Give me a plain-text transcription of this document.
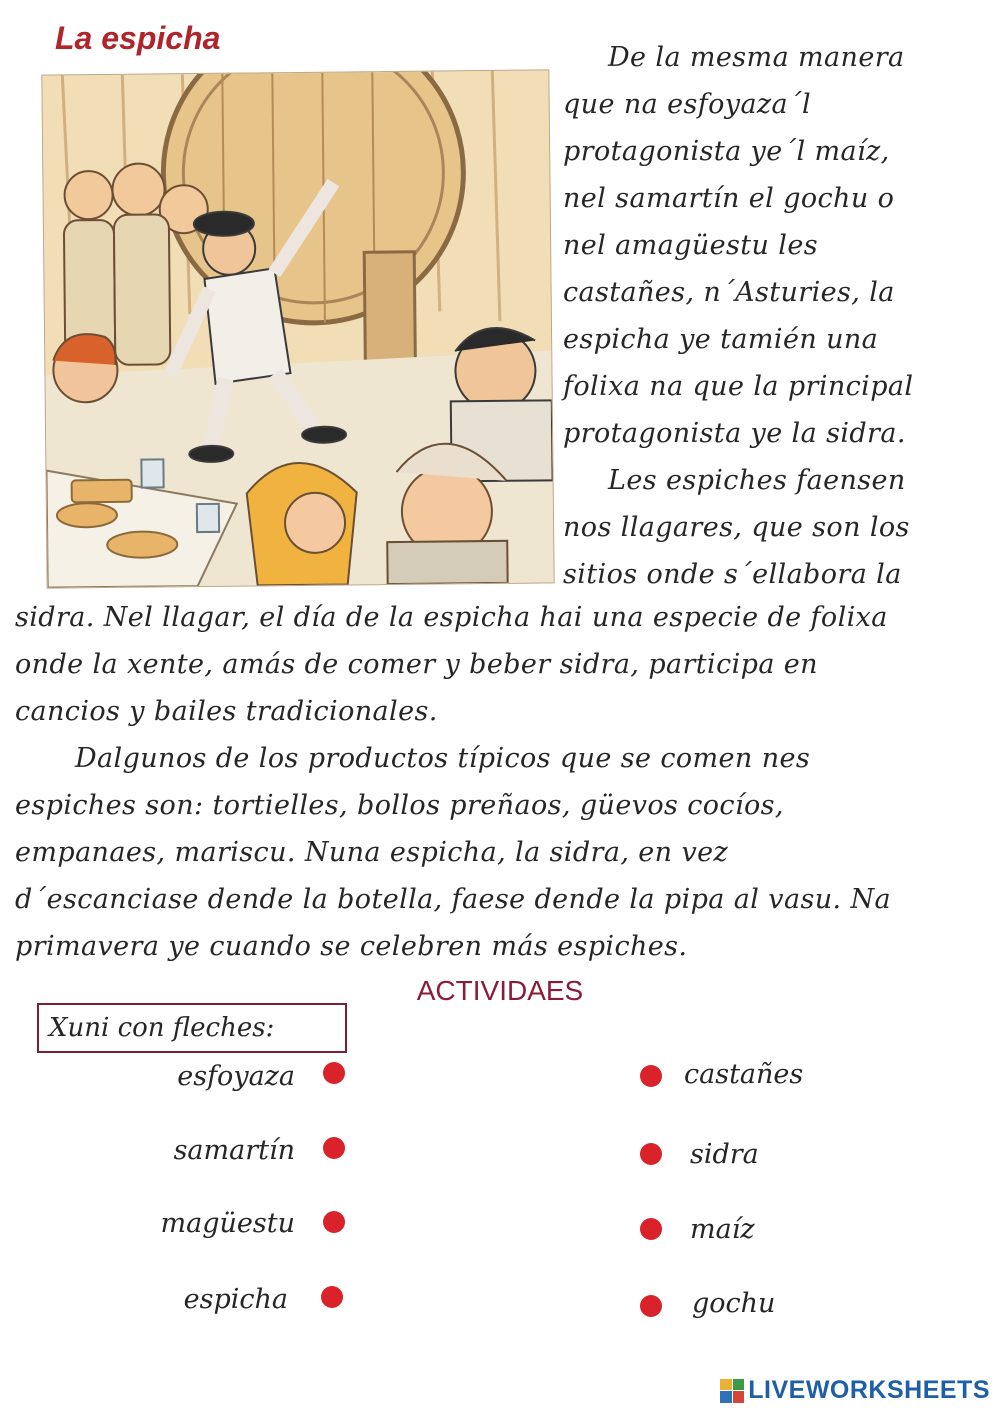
La espicha
De la mesma manera
que na esfoyaza´l
protagonista ye´l maíz,
nel samartín el gochu o
nel amagüestu les
castañes, n´Asturies, la
espicha ye tamién una
folixa na que la principal
protagonista ye la sidra.
Les espiches faensen
nos llagares, que son los
sitios onde s´ellabora la
sidra. Nel llagar, el día de la espicha hai una especie de folixa
onde la xente, amás de comer y beber sidra, participa en
cancios y bailes tradicionales.
Dalgunos de los productos típicos que se comen nes
espiches son: tortielles, bollos preñaos, güevos cocíos,
empanaes, mariscu. Nuna espicha, la sidra, en vez
d´escanciase dende la botella, faese dende la pipa al vasu. Na
primavera ye cuando se celebren más espiches.
ACTIVIDAES
Xuni con fleches:
esfoyaza
samartín
magüestu
espicha
castañes
sidra
maíz
gochu
LIVEWORKSHEETS
